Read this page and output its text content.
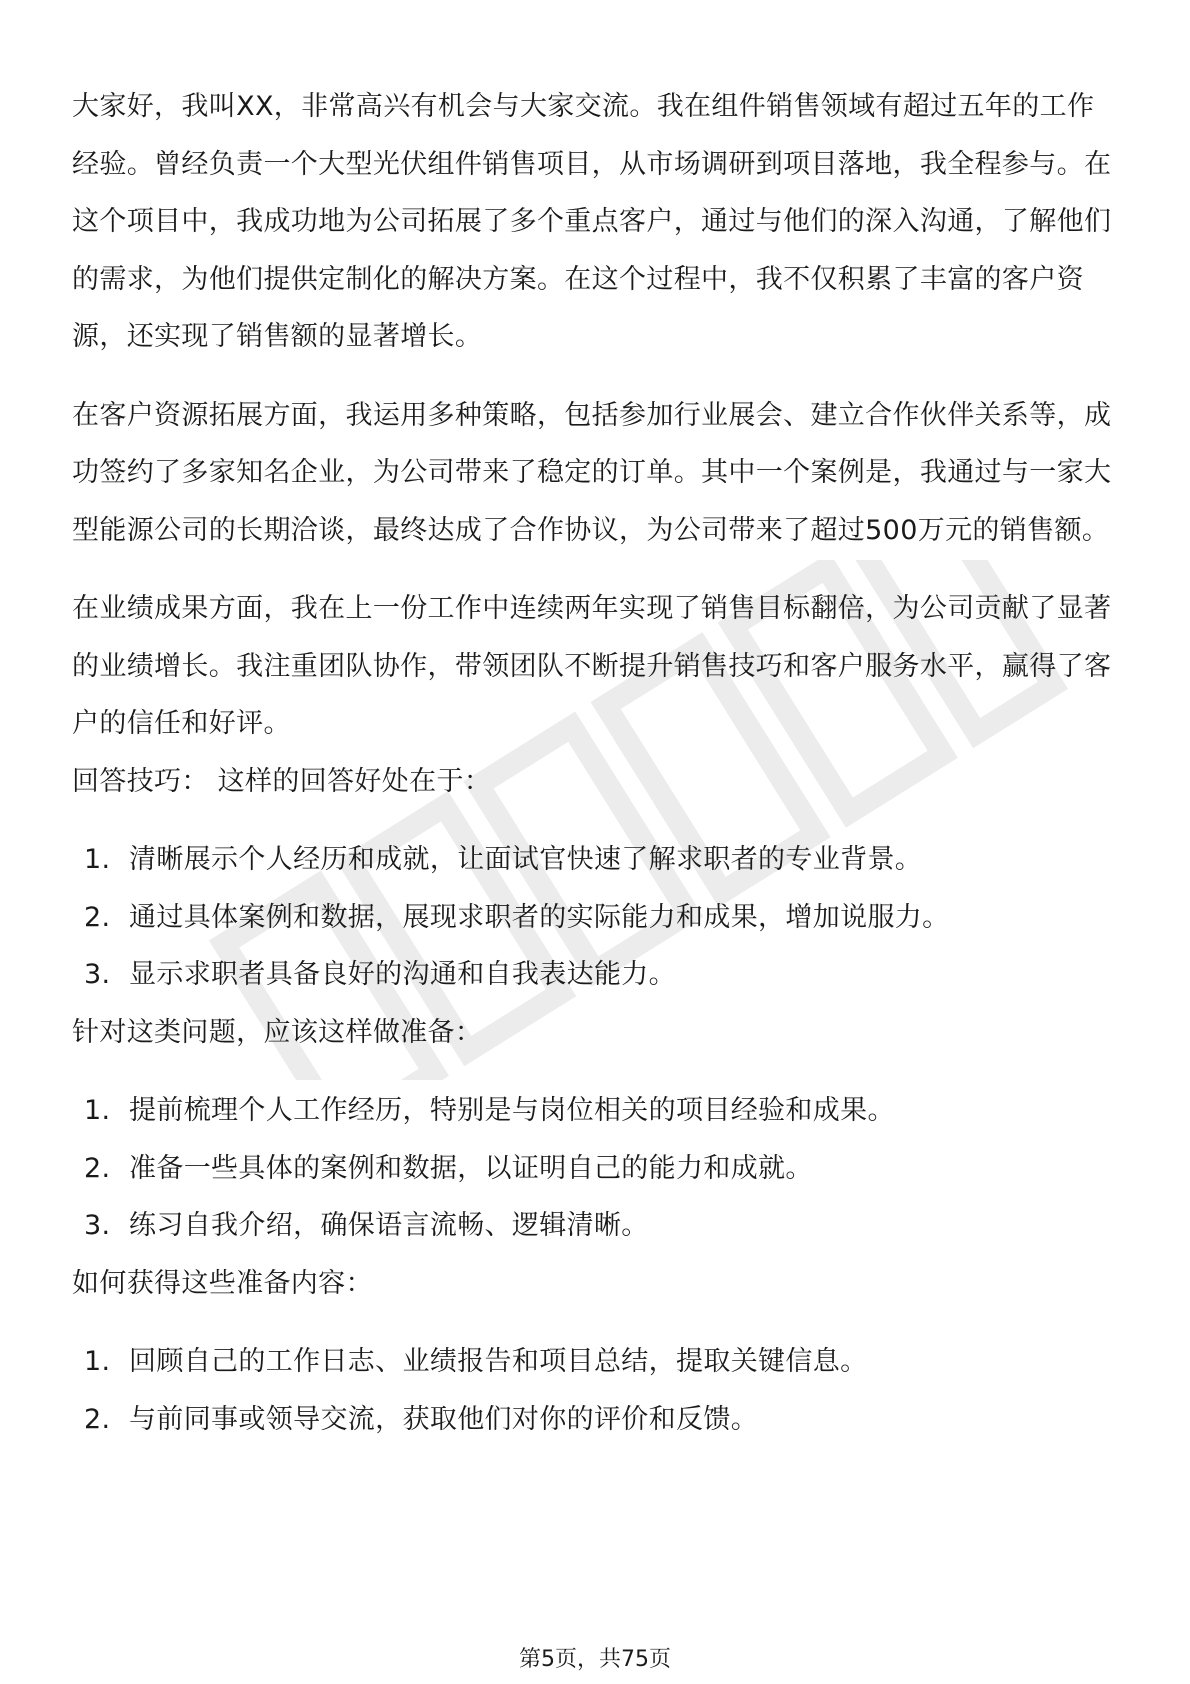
大家好，我叫XX，非常高兴有机会与大家交流。我在组件销售领域有超过五年的工作经验。曾经负责一个大型光伏组件销售项目，从市场调研到项目落地，我全程参与。在这个项目中，我成功地为公司拓展了多个重点客户，通过与他们的深入沟通，了解他们的需求，为他们提供定制化的解决方案。在这个过程中，我不仅积累了丰富的客户资源，还实现了销售额的显著增长。

在客户资源拓展方面，我运用多种策略，包括参加行业展会、建立合作伙伴关系等，成功签约了多家知名企业，为公司带来了稳定的订单。其中一个案例是，我通过与一家大型能源公司的长期洽谈，最终达成了合作协议，为公司带来了超过500万元的销售额。

在业绩成果方面，我在上一份工作中连续两年实现了销售目标翻倍，为公司贡献了显著的业绩增长。我注重团队协作，带领团队不断提升销售技巧和客户服务水平，赢得了客户的信任和好评。

回答技巧： 这样的回答好处在于：

1. 清晰展示个人经历和成就，让面试官快速了解求职者的专业背景。
2. 通过具体案例和数据，展现求职者的实际能力和成果，增加说服力。
3. 显示求职者具备良好的沟通和自我表达能力。

针对这类问题，应该这样做准备：

1. 提前梳理个人工作经历，特别是与岗位相关的项目经验和成果。
2. 准备一些具体的案例和数据，以证明自己的能力和成就。
3. 练习自我介绍，确保语言流畅、逻辑清晰。

如何获得这些准备内容：

1. 回顾自己的工作日志、业绩报告和项目总结，提取关键信息。
2. 与前同事或领导交流，获取他们对你的评价和反馈。
第5页，共75页
